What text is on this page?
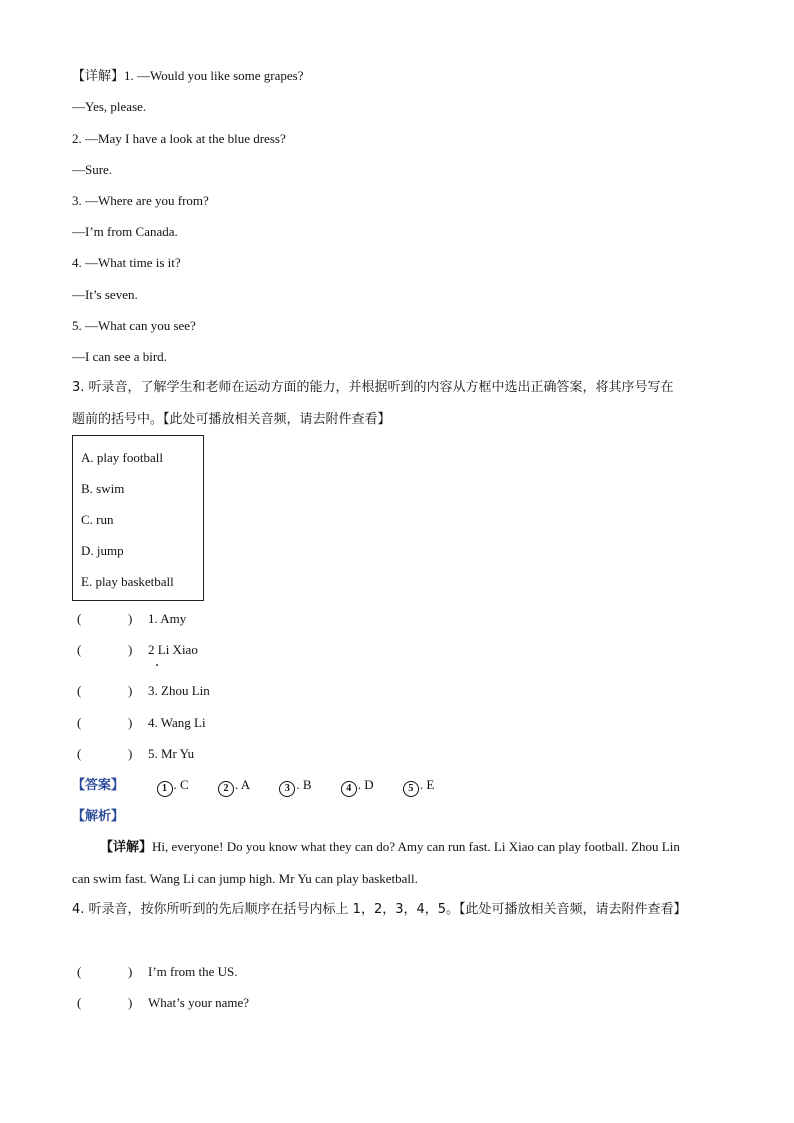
【详解】1. —Would you like some grapes?
—Yes, please.
2. —May I have a look at the blue dress?
—Sure.
3. —Where are you from?
—I’m from Canada.
4. —What time is it?
—It’s seven.
5. —What can you see?
—I can see a bird.
3. 听录音，了解学生和老师在运动方面的能力，并根据听到的内容从方框中选出正确答案，将其序号写在
题前的括号中。【此处可播放相关音频，请去附件查看】
A. play football
B. swim
C. run
D. jump
E. play basketball
(	) 1. Amy
(	) 2 Li Xiao
(	) 3. Zhou Lin
(	) 4. Wang Li
(	) 5. Mr Yu
【答案】	1 . C	2 . A	3 . B	4 . D	5 . E
【解析】
【详解】Hi, everyone! Do you know what they can do? Amy can run fast. Li Xiao can play football. Zhou Lin
can swim fast. Wang Li can jump high. Mr Yu can play basketball.
4. 听录音，按你所听到的先后顺序在括号内标上 1，2，3，4，5。【此处可播放相关音频，请去附件查看】
(	) I’m from the US.
(	) What’s your name?
